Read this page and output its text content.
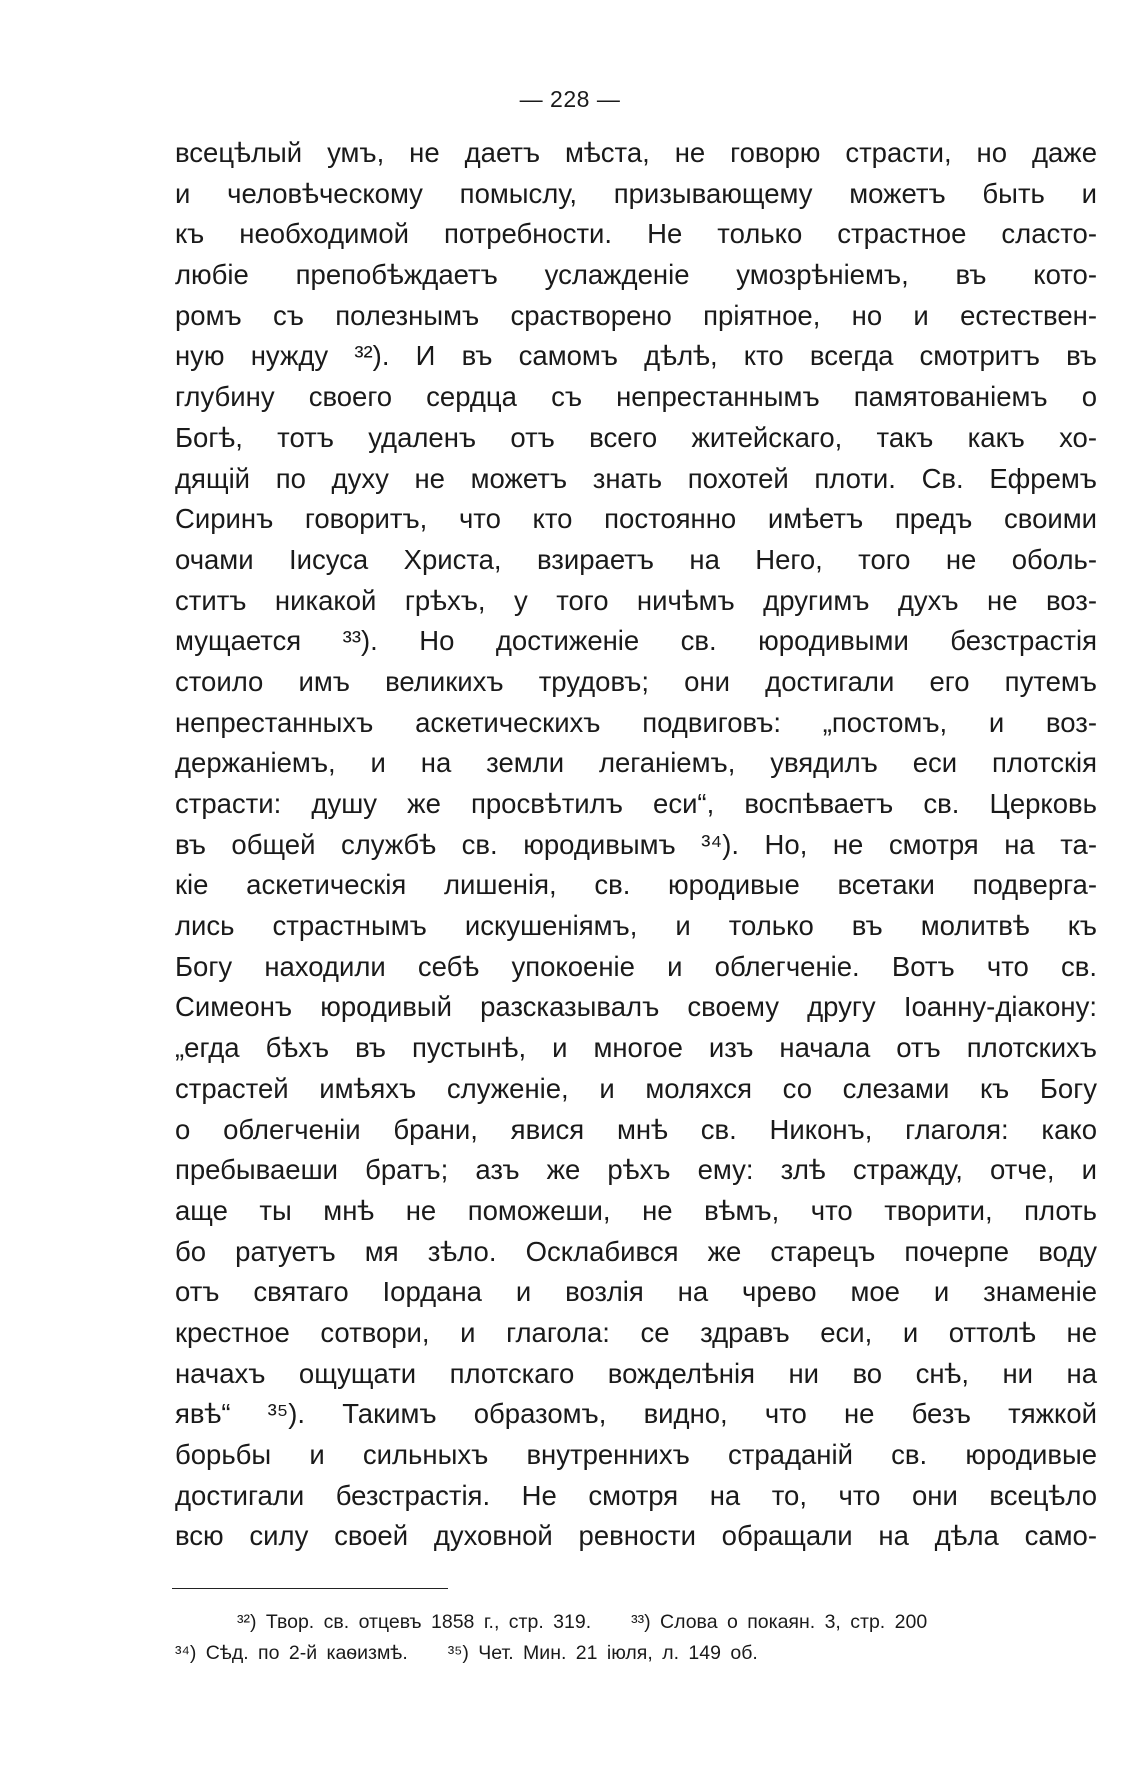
— 228 —
всецѣлый умъ, не даетъ мѣста, не говорю страсти, но даже
и человѣческому помыслу, призывающему можетъ быть и
къ необходимой потребности. Не только страстное сласто-
любіе препобѣждаетъ услажденіе умозрѣніемъ, въ кото-
ромъ съ полезнымъ срастворено пріятное, но и естествен-
ную нужду ³²). И въ самомъ дѣлѣ, кто всегда смотритъ въ
глубину своего сердца съ непрестаннымъ памятованіемъ о
Богѣ, тотъ удаленъ отъ всего житейскаго, такъ какъ хо-
дящій по духу не можетъ знать похотей плоти. Св. Ефремъ
Сиринъ говоритъ, что кто постоянно имѣетъ предъ своими
очами Іисуса Христа, взираетъ на Него, того не оболь-
ститъ никакой грѣхъ, у того ничѣмъ другимъ духъ не воз-
мущается ³³). Но достиженіе св. юродивыми безстрастія
стоило имъ великихъ трудовъ; они достигали его путемъ
непрестанныхъ аскетическихъ подвиговъ: „постомъ, и воз-
держаніемъ, и на земли леганіемъ, увядилъ еси плотскія
страсти: душу же просвѣтилъ еси“, воспѣваетъ св. Церковь
въ общей службѣ св. юродивымъ ³⁴). Но, не смотря на та-
кіе аскетическія лишенія, св. юродивые всетаки подверга-
лись страстнымъ искушеніямъ, и только въ молитвѣ къ
Богу находили себѣ упокоеніе и облегченіе. Вотъ что св.
Симеонъ юродивый разсказывалъ своему другу Іоанну-діакону:
„егда бѣхъ въ пустынѣ, и многое изъ начала отъ плотскихъ
страстей имѣяхъ служеніе, и моляхся со слезами къ Богу
о облегченіи брани, явися мнѣ св. Никонъ, глаголя: како
пребываеши братъ; азъ же рѣхъ ему: злѣ стражду, отче, и
аще ты мнѣ не поможеши, не вѣмъ, что творити, плоть
бо ратуетъ мя зѣло. Осклабився же старецъ почерпе воду
отъ святаго Іордана и возлія на чрево мое и знаменіе
крестное сотвори, и глагола: се здравъ еси, и оттолѣ не
начахъ ощущати плотскаго вожделѣнія ни во снѣ, ни на
явѣ“ ³⁵). Такимъ образомъ, видно, что не безъ тяжкой
борьбы и сильныхъ внутреннихъ страданій св. юродивые
достигали безстрастія. Не смотря на то, что они всецѣло
всю силу своей духовной ревности обращали на дѣла само-
³²) Твор. св. отцевъ 1858 г., стр. 319. ³³) Слова о покаян. 3, стр. 200
³⁴) Сѣд. по 2-й каѳизмѣ. ³⁵) Чет. Мин. 21 іюля, л. 149 об.
